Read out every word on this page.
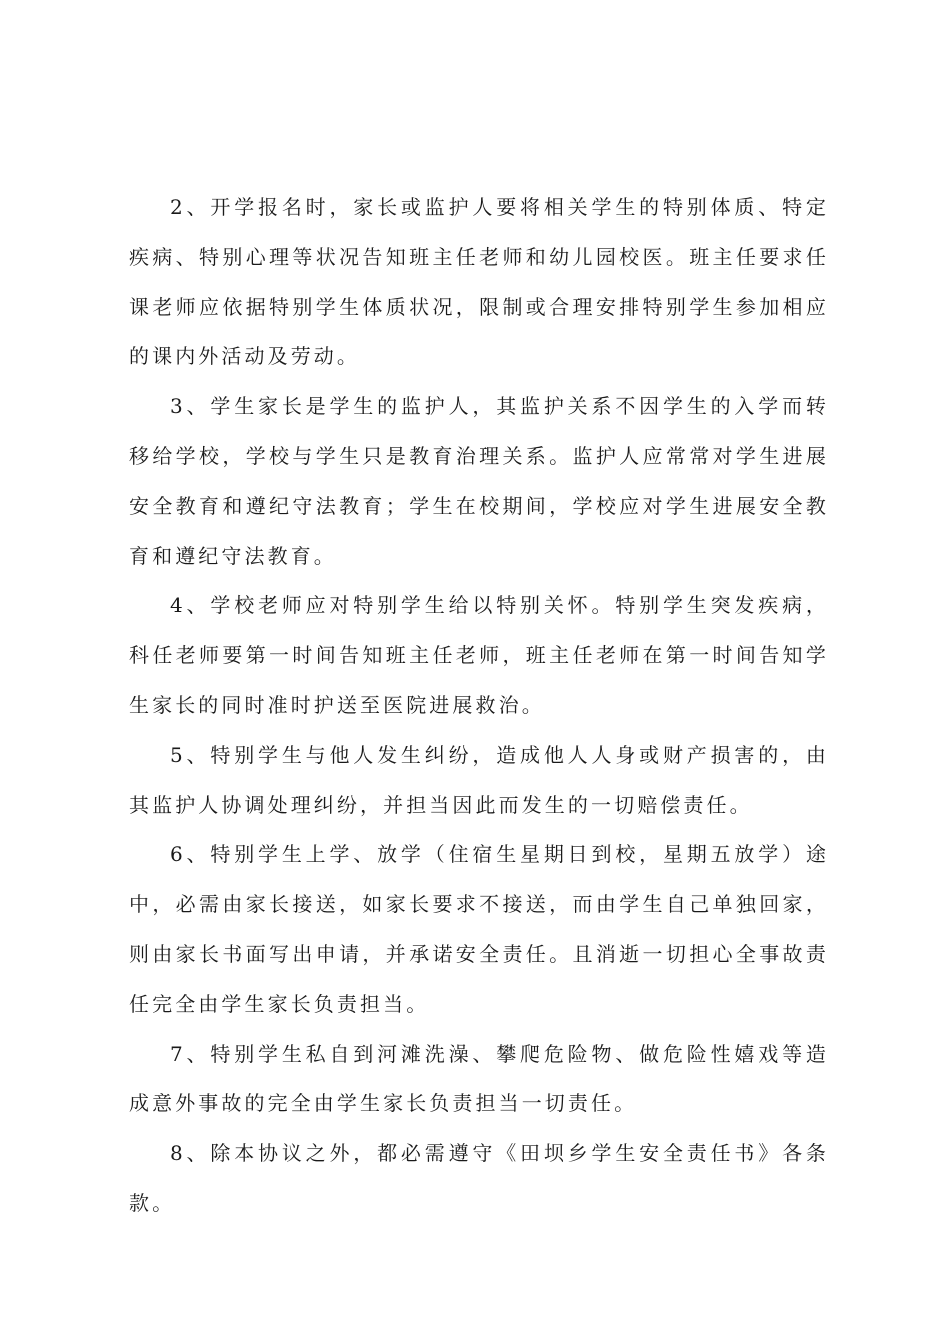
2、开学报名时，家长或监护人要将相关学生的特别体质、特定疾病、特别心理等状况告知班主任老师和幼儿园校医。班主任要求任课老师应依据特别学生体质状况，限制或合理安排特别学生参加相应的课内外活动及劳动。

3、学生家长是学生的监护人，其监护关系不因学生的入学而转移给学校，学校与学生只是教育治理关系。监护人应常常对学生进展安全教育和遵纪守法教育；学生在校期间，学校应对学生进展安全教育和遵纪守法教育。

4、学校老师应对特别学生给以特别关怀。特别学生突发疾病，科任老师要第一时间告知班主任老师，班主任老师在第一时间告知学生家长的同时准时护送至医院进展救治。

5、特别学生与他人发生纠纷，造成他人人身或财产损害的，由其监护人协调处理纠纷，并担当因此而发生的一切赔偿责任。

6、特别学生上学、放学（住宿生星期日到校，星期五放学）途中，必需由家长接送，如家长要求不接送，而由学生自己单独回家，则由家长书面写出申请，并承诺安全责任。且消逝一切担心全事故责任完全由学生家长负责担当。

7、特别学生私自到河滩洗澡、攀爬危险物、做危险性嬉戏等造成意外事故的完全由学生家长负责担当一切责任。

8、除本协议之外，都必需遵守《田坝乡学生安全责任书》各条款。
